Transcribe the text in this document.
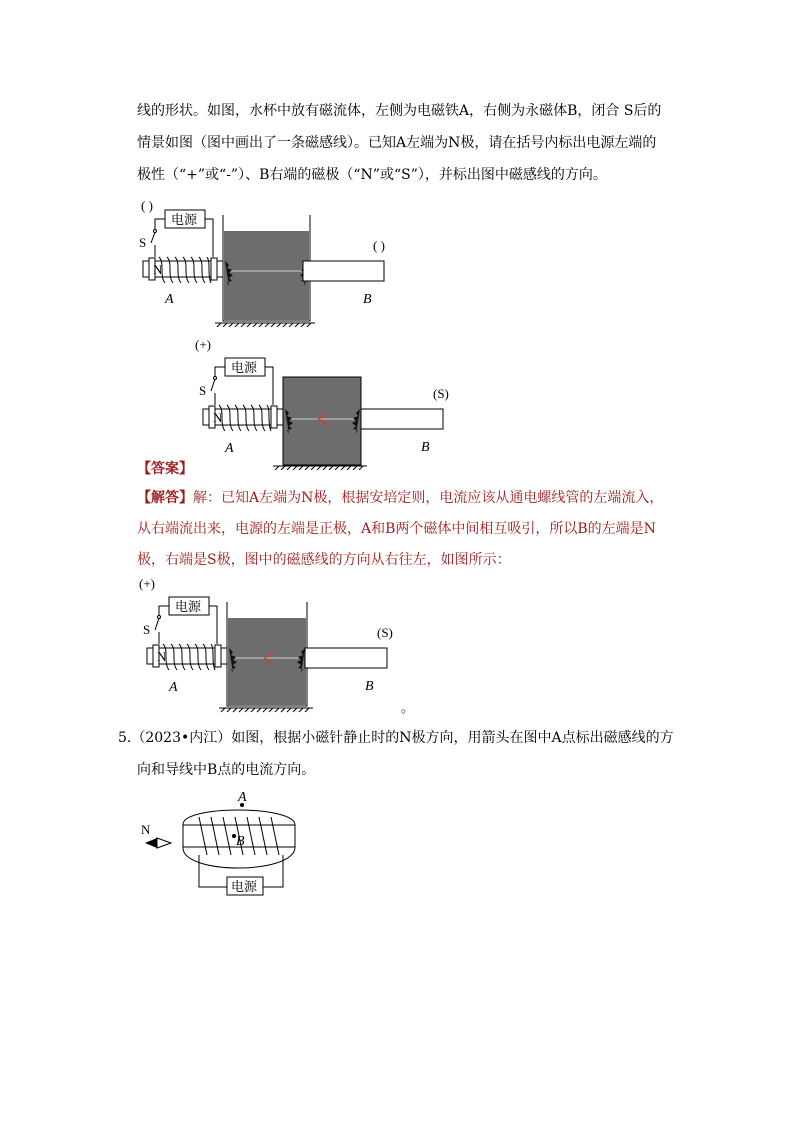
线的形状。如图，水杯中放有磁流体，左侧为电磁铁A，右侧为永磁体B，闭合 S后的
情景如图（图中画出了一条磁感线）。已知A左端为N极，请在括号内标出电源左端的
极性（“+”或“-”）、B右端的磁极（“N”或“S”），并标出图中磁感线的方向。
( )
电源
S
N
A
( )
B
(+)
电源
S
N
A
(S)
B
【答案】
【解答】解：已知A左端为N极，根据安培定则，电流应该从通电螺线管的左端流入，
从右端流出来，电源的左端是正极，A和B两个磁体中间相互吸引，所以B的左端是N
极，右端是S极，图中的磁感线的方向从右往左，如图所示：
(+)
电源
S
N
A
(S)
B
。
5.（2023•内江）如图，根据小磁针静止时的N极方向，用箭头在图中A点标出磁感线的方
向和导线中B点的电流方向。
A
B
电源
N
